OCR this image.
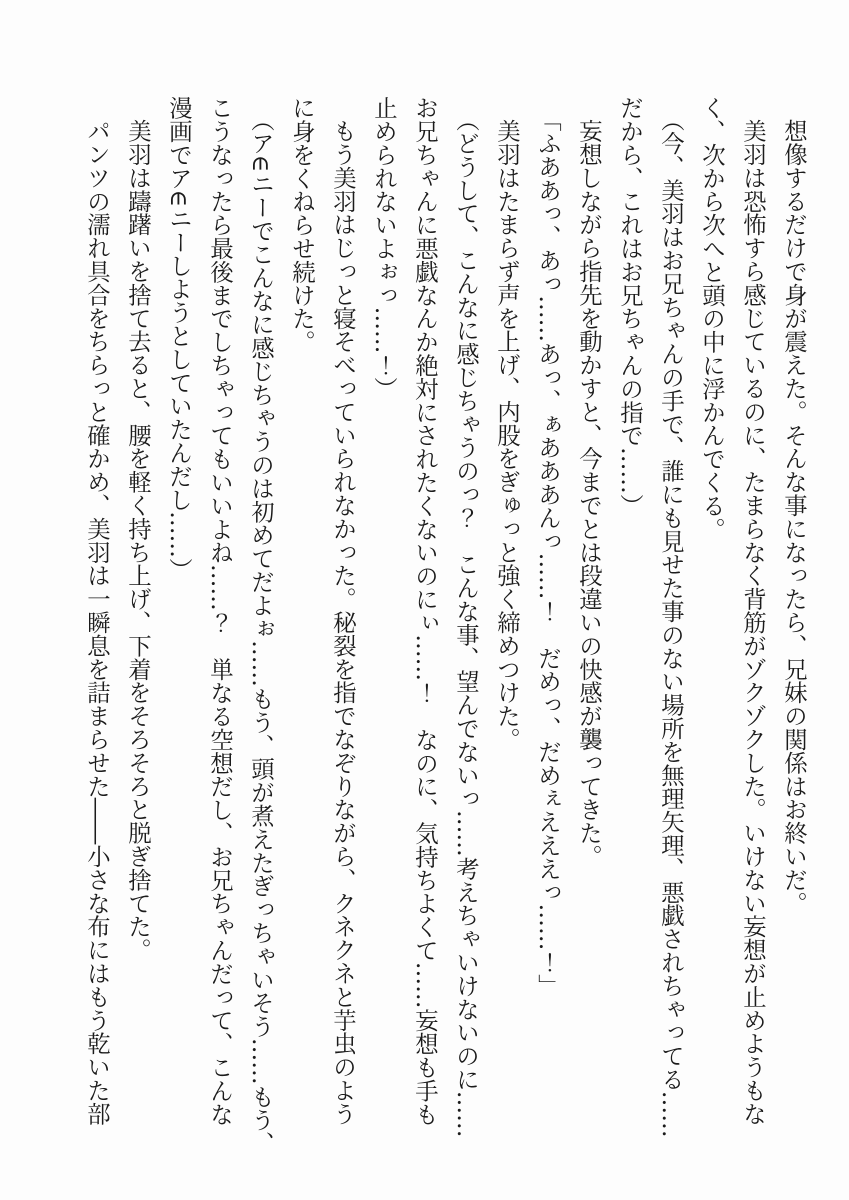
想像するだけで身が震えた。そんな事になったら、兄妹の関係はお終いだ。
美羽は恐怖すら感じているのに、たまらなく背筋がゾクゾクした。いけない妄想が止めようもな
く、次から次へと頭の中に浮かんでくる。
（今、美羽はお兄ちゃんの手で、誰にも見せた事のない場所を無理矢理、悪戯されちゃってる……
だから、これはお兄ちゃんの指で……）
妄想しながら指先を動かすと、今までとは段違いの快感が襲ってきた。
「ふああっ、あっ……あっ、ぁあああんっ……！　だめっ、だめぇえええっ……！」
美羽はたまらず声を上げ、内股をぎゅっと強く締めつけた。
（どうして、こんなに感じちゃうのっ？　こんな事、望んでないっ……考えちゃいけないのに……
お兄ちゃんに悪戯なんか絶対にされたくないのにぃ……！　なのに、気持ちよくて……妄想も手も
止められないよぉっ……！）
もう美羽はじっと寝そべっていられなかった。秘裂を指でなぞりながら、クネクネと芋虫のよう
に身をくねらせ続けた。
（ア∈ニーでこんなに感じちゃうのは初めてだよぉ……もう、頭が煮えたぎっちゃいそう……もう、
こうなったら最後までしちゃってもいいよね……？　単なる空想だし、お兄ちゃんだって、こんな
漫画でア∈ニーしようとしていたんだし……）
美羽は躊躇いを捨て去ると、腰を軽く持ち上げ、下着をそろそろと脱ぎ捨てた。
パンツの濡れ具合をちらっと確かめ、美羽は一瞬息を詰まらせた――小さな布にはもう乾いた部
